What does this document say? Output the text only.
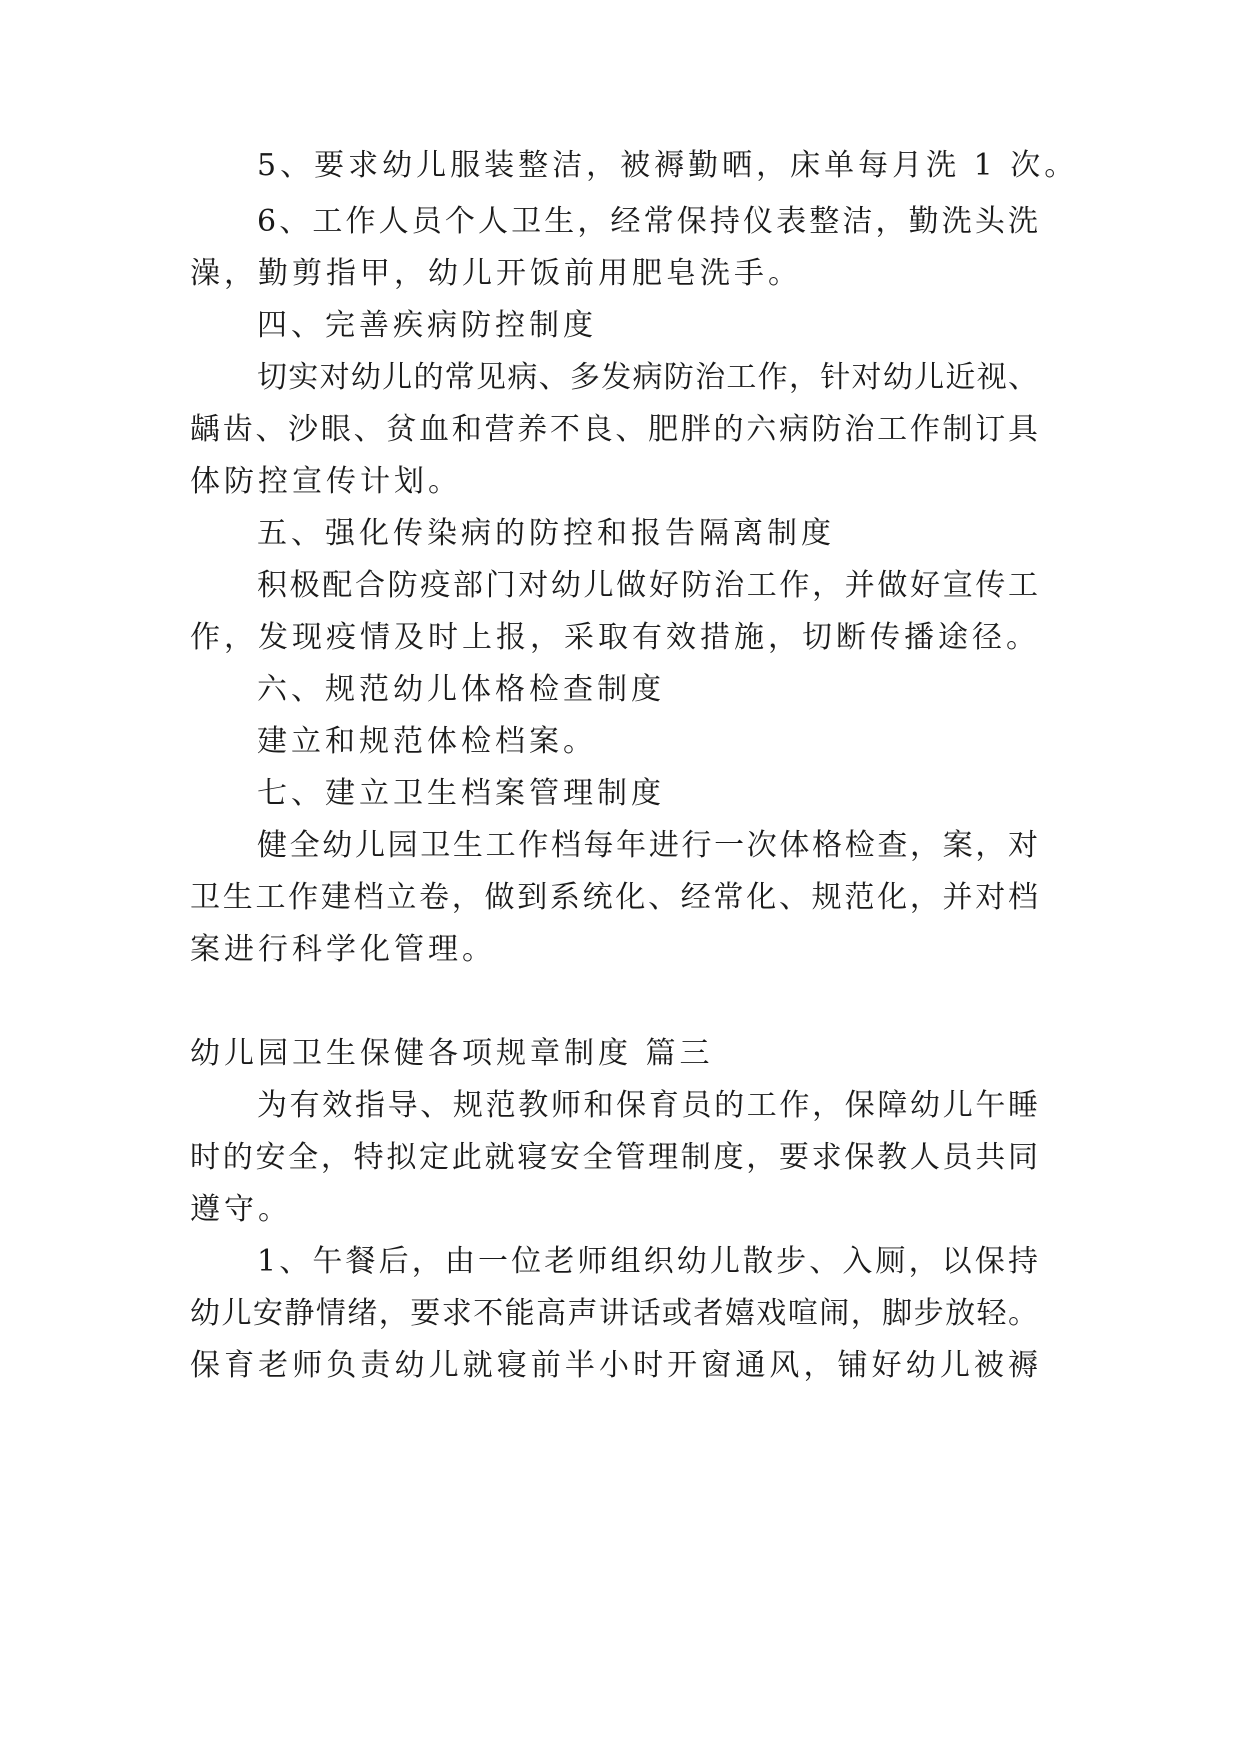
5、要求幼儿服装整洁，被褥勤晒，床单每月洗 1 次。
6、工作人员个人卫生，经常保持仪表整洁，勤洗头洗
澡，勤剪指甲，幼儿开饭前用肥皂洗手。
四、完善疾病防控制度
切实对幼儿的常见病、多发病防治工作，针对幼儿近视、
龋齿、沙眼、贫血和营养不良、肥胖的六病防治工作制订具
体防控宣传计划。
五、强化传染病的防控和报告隔离制度
积极配合防疫部门对幼儿做好防治工作，并做好宣传工
作，发现疫情及时上报，采取有效措施，切断传播途径。
六、规范幼儿体格检查制度
建立和规范体检档案。
七、建立卫生档案管理制度
健全幼儿园卫生工作档每年进行一次体格检查，案，对
卫生工作建档立卷，做到系统化、经常化、规范化，并对档
案进行科学化管理。
幼儿园卫生保健各项规章制度 篇三
为有效指导、规范教师和保育员的工作，保障幼儿午睡
时的安全，特拟定此就寝安全管理制度，要求保教人员共同
遵守。
1、午餐后，由一位老师组织幼儿散步、入厕，以保持
幼儿安静情绪，要求不能高声讲话或者嬉戏喧闹，脚步放轻。
保育老师负责幼儿就寝前半小时开窗通风，铺好幼儿被褥
